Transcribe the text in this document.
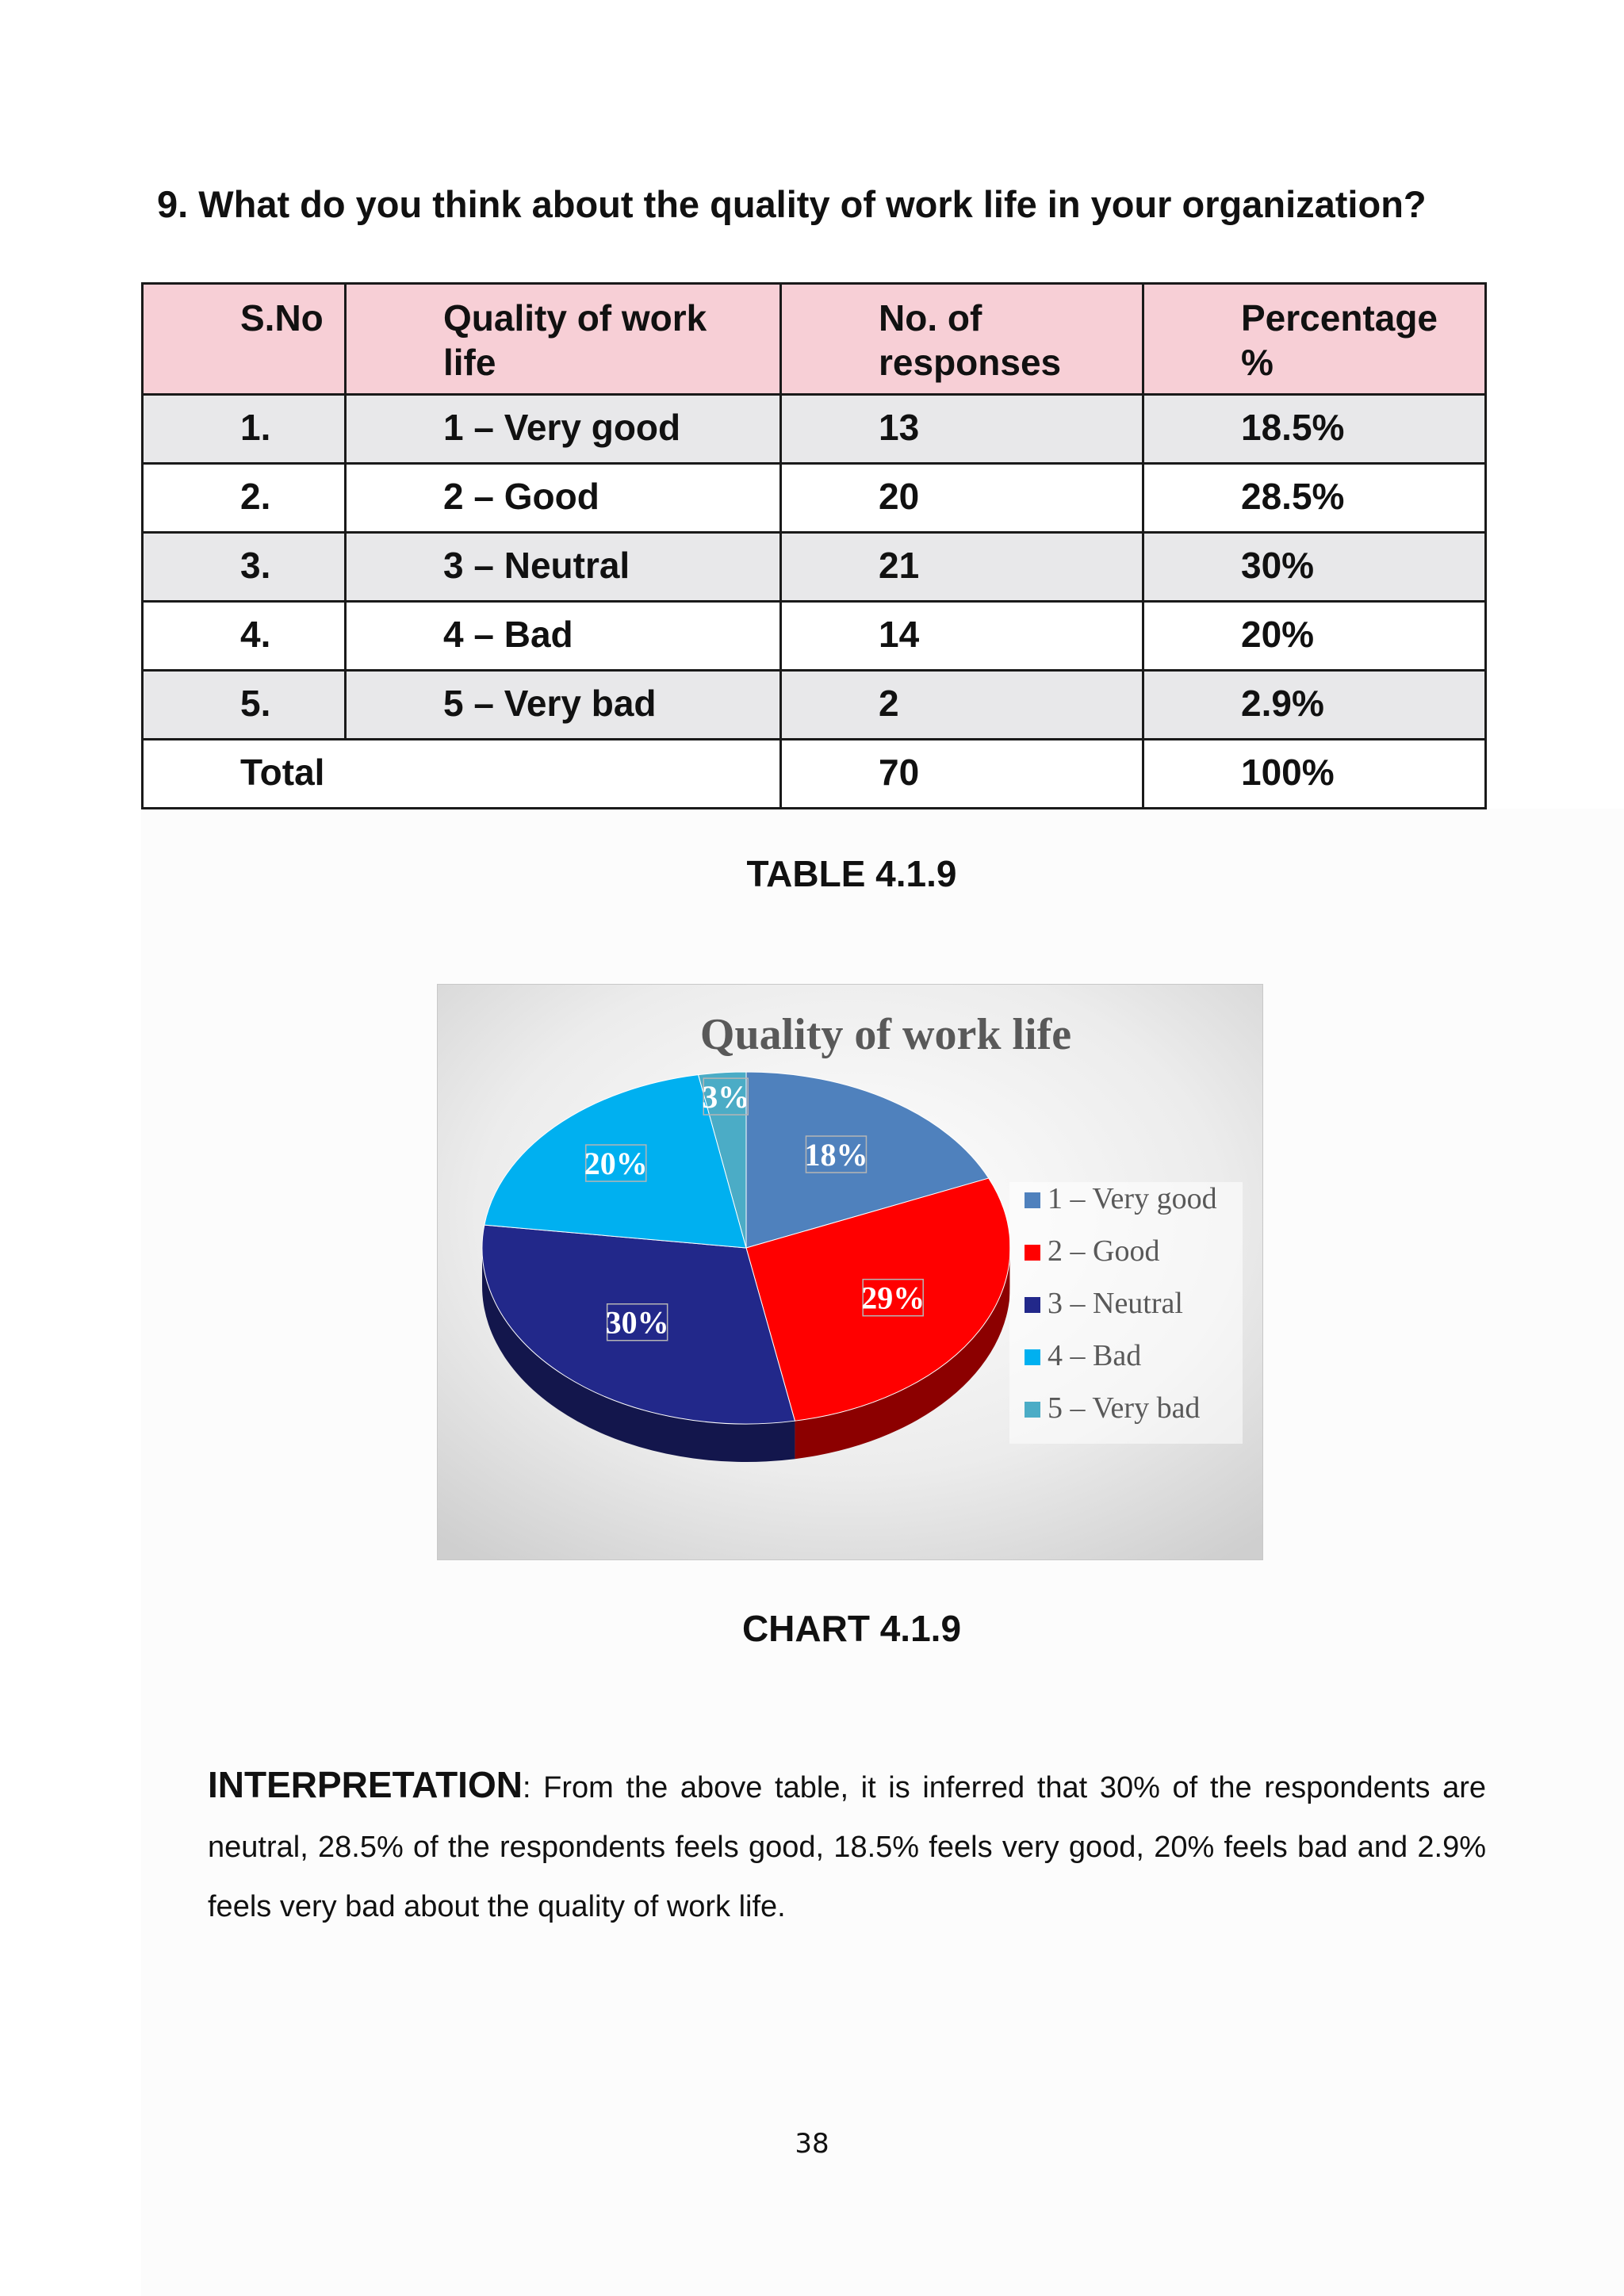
9. What do you think about the quality of work life in your organization?
S.No	Quality of work life	No. of responses	Percentage %
1.	1 – Very good	13	18.5%
2.	2 – Good	20	28.5%
3.	3 – Neutral	21	30%
4.	4 – Bad	14	20%
5.	5 – Very bad	2	2.9%
Total		70	100%
TABLE 4.1.9
Quality of work life
18%
29%
30%
20%
3%
1 – Very good
2 – Good
3 – Neutral
4 – Bad
5 – Very bad
CHART 4.1.9
INTERPRETATION: From the above table, it is inferred that 30% of the respondents are neutral, 28.5% of the respondents feels good, 18.5% feels very good, 20% feels bad and 2.9% feels very bad about the quality of work life.
38
